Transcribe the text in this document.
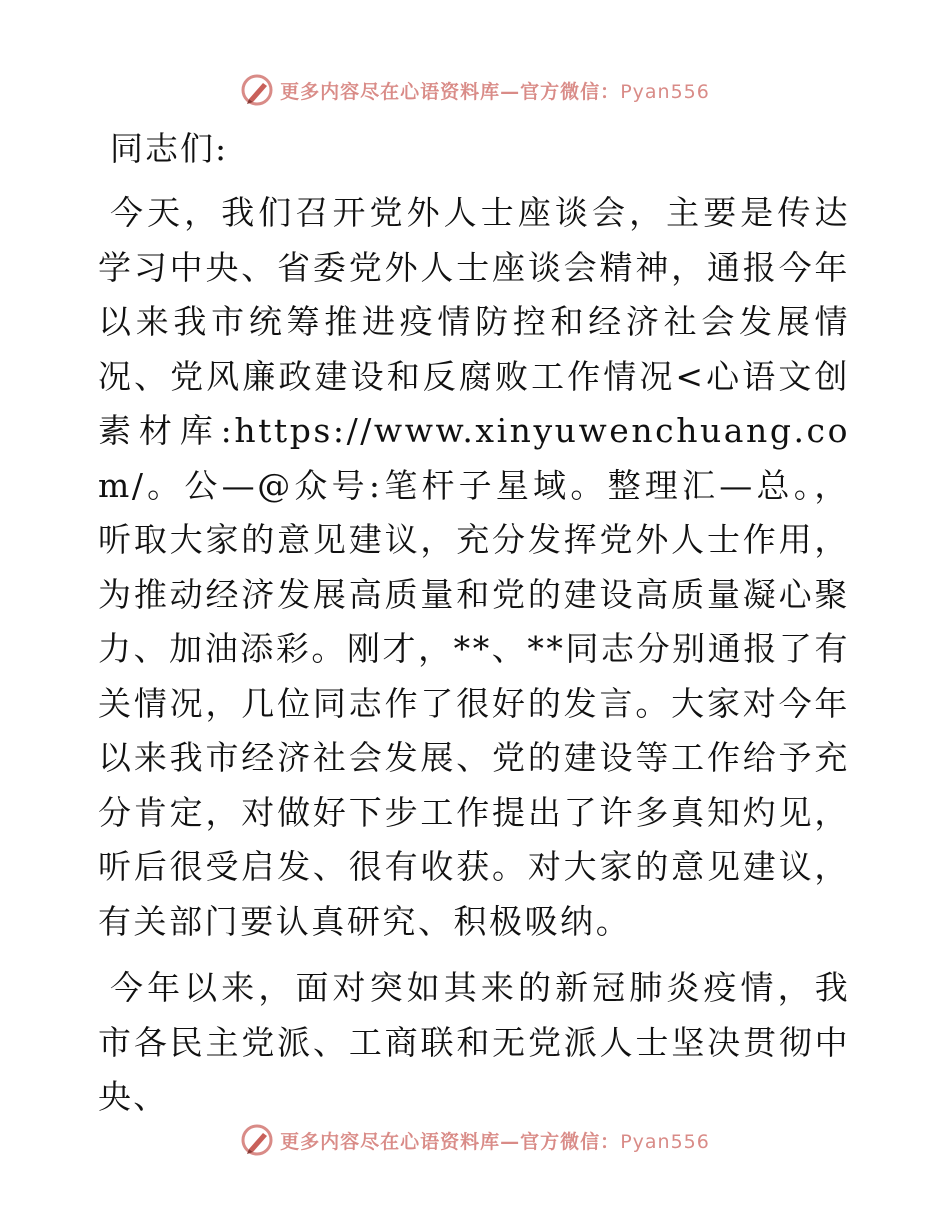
更多内容尽在心语资料库—官方微信：Pyan556

同志们:

今天，我们召开党外人士座谈会，主要是传达学习中央、省委党外人士座谈会精神，通报今年以来我市统筹推进疫情防控和经济社会发展情况、党风廉政建设和反腐败工作情况<心语文创素材库:https://www.xinyuwenchuang.com/。公—@众号:笔杆子星域。整理汇—总。，听取大家的意见建议，充分发挥党外人士作用，为推动经济发展高质量和党的建设高质量凝心聚力、加油添彩。刚才，**、**同志分别通报了有关情况，几位同志作了很好的发言。大家对今年以来我市经济社会发展、党的建设等工作给予充分肯定，对做好下步工作提出了许多真知灼见，听后很受启发、很有收获。对大家的意见建议，有关部门要认真研究、积极吸纳。

今年以来，面对突如其来的新冠肺炎疫情，我市各民主党派、工商联和无党派人士坚决贯彻中央、

更多内容尽在心语资料库—官方微信：Pyan556
